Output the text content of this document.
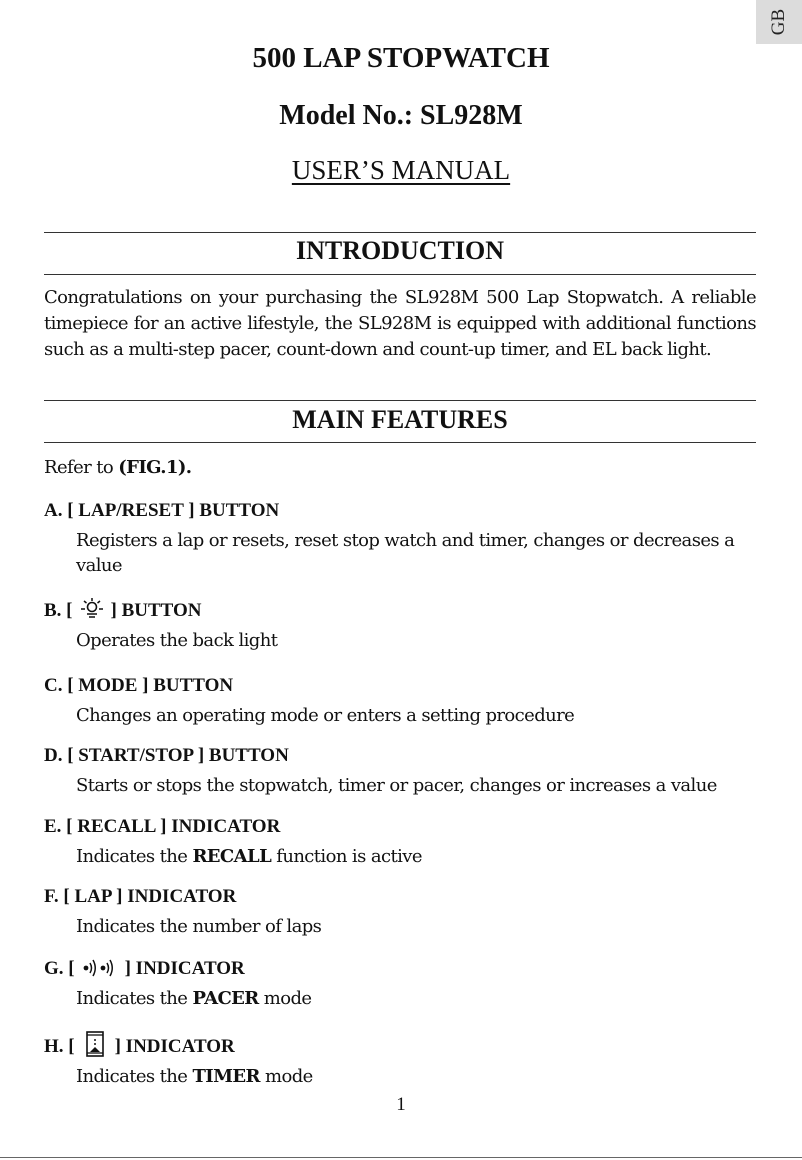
GB
500 LAP STOPWATCH
Model No.: SL928M
USER’S MANUAL
INTRODUCTION
Congratulations on your purchasing the SL928M 500 Lap Stopwatch. A reliable timepiece for an active lifestyle, the SL928M is equipped with additional functions such as a multi-step pacer, count-down and count-up timer, and EL back light.
MAIN FEATURES
Refer to (FIG.1).
A. [ LAP/RESET ] BUTTON
Registers a lap or resets, reset stop watch and timer, changes or decreases a value
B. [ ] BUTTON
Operates the back light
C. [ MODE ] BUTTON
Changes an operating mode or enters a setting procedure
D. [ START/STOP ] BUTTON
Starts or stops the stopwatch, timer or pacer, changes or increases a value
E. [ RECALL ] INDICATOR
Indicates the RECALL function is active
F. [ LAP ] INDICATOR
Indicates the number of laps
G. [	] INDICATOR
Indicates the PACER mode
H. [ ] INDICATOR
Indicates the TIMER mode
1
